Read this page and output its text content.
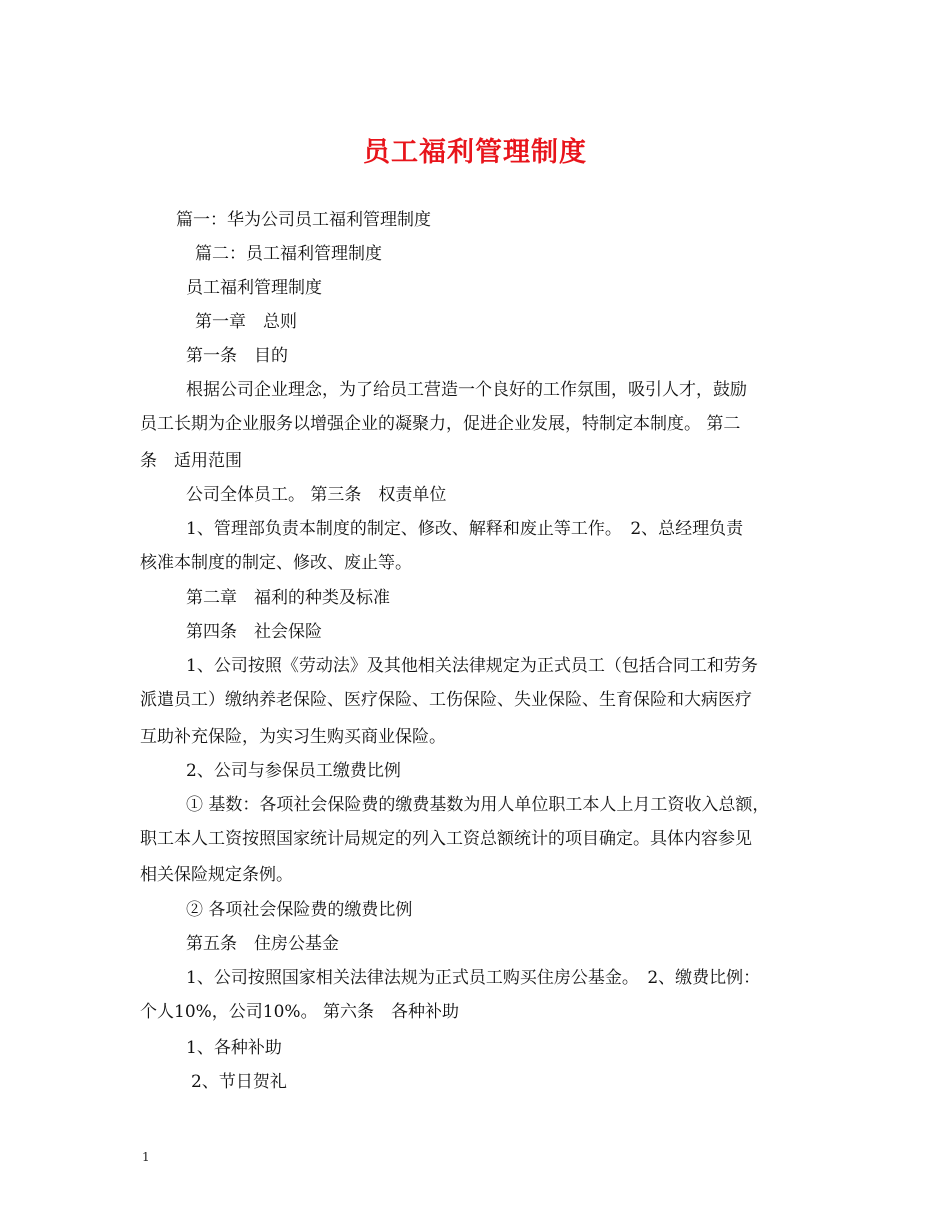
员工福利管理制度
篇一：华为公司员工福利管理制度
篇二：员工福利管理制度
员工福利管理制度
第一章　总则
第一条　目的
根据公司企业理念，为了给员工营造一个良好的工作氛围，吸引人才，鼓励
员工长期为企业服务以增强企业的凝聚力，促进企业发展，特制定本制度。 第二
条　适用范围
公司全体员工。 第三条　权责单位
1、管理部负责本制度的制定、修改、解释和废止等工作。　2、总经理负责
核准本制度的制定、修改、废止等。
第二章　福利的种类及标准
第四条　社会保险
1、公司按照《劳动法》及其他相关法律规定为正式员工（包括合同工和劳务
派遣员工）缴纳养老保险、医疗保险、工伤保险、失业保险、生育保险和大病医疗
互助补充保险，为实习生购买商业保险。
2、公司与参保员工缴费比例
① 基数：各项社会保险费的缴费基数为用人单位职工本人上月工资收入总额，
职工本人工资按照国家统计局规定的列入工资总额统计的项目确定。具体内容参见
相关保险规定条例。
② 各项社会保险费的缴费比例
第五条　住房公基金
1、公司按照国家相关法律法规为正式员工购买住房公基金。　2、缴费比例：
个人10%，公司10%。 第六条　各种补助
1、各种补助
2、节日贺礼
1
